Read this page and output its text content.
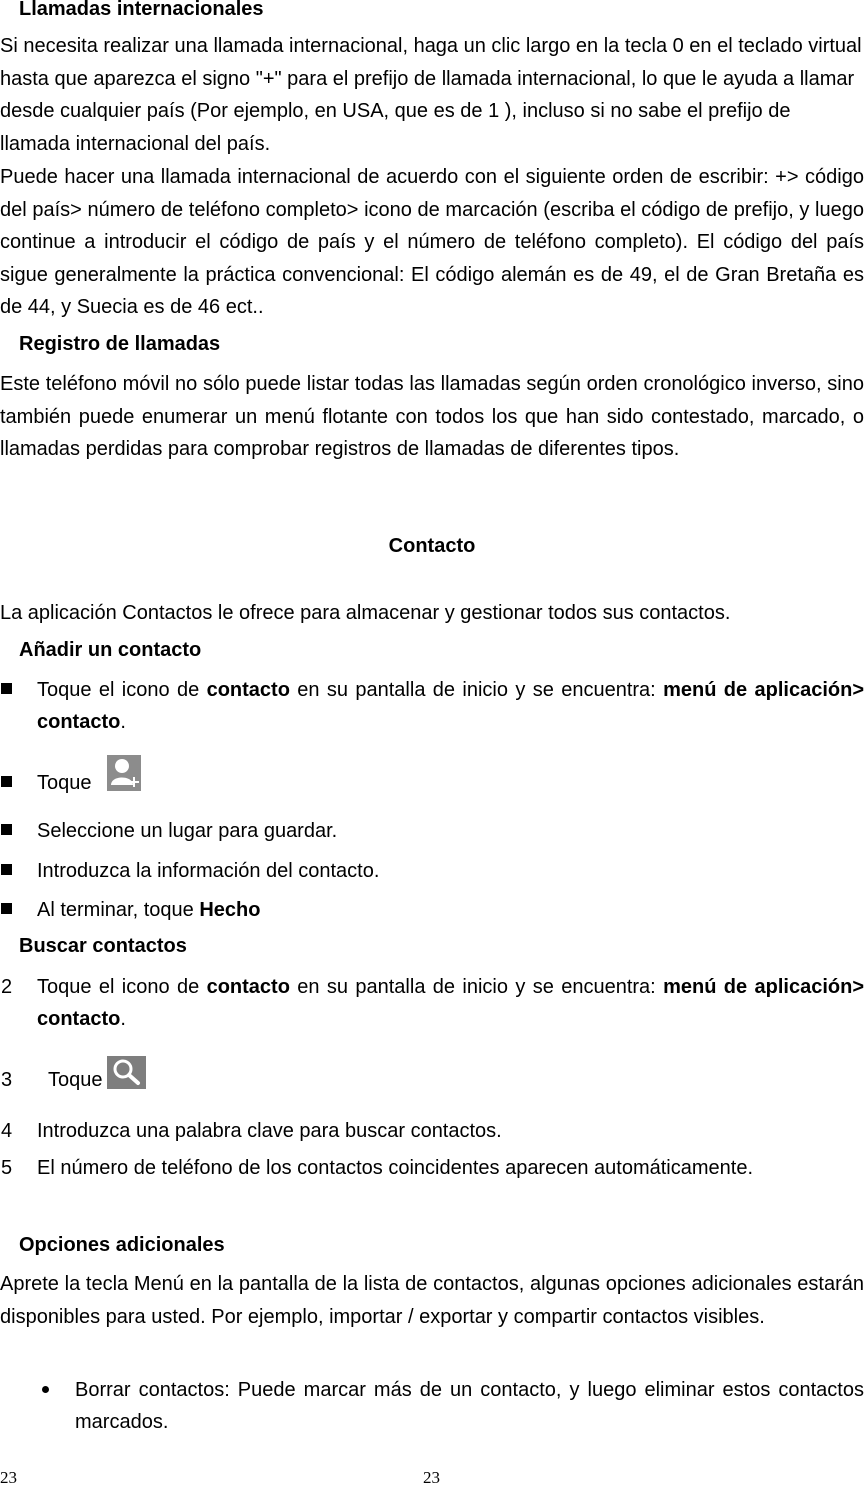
Llamadas internacionales
Si necesita realizar una llamada internacional, haga un clic largo en la tecla 0 en el teclado virtual hasta que aparezca el signo "+" para el prefijo de llamada internacional, lo que le ayuda a llamar desde cualquier país (Por ejemplo, en USA, que es de 1 ), incluso si no sabe el prefijo de llamada internacional del país.
Puede hacer una llamada internacional de acuerdo con el siguiente orden de escribir: +> código del país> número de teléfono completo> icono de marcación (escriba el código de prefijo, y luego continue a introducir el código de país y el número de teléfono completo). El código del país sigue generalmente la práctica convencional: El código alemán es de 49, el de Gran Bretaña es de 44, y Suecia es de 46 ect..
Registro de llamadas
Este teléfono móvil no sólo puede listar todas las llamadas según orden cronológico inverso, sino también puede enumerar un menú flotante con todos los que han sido contestado, marcado, o llamadas perdidas para comprobar registros de llamadas de diferentes tipos.
Contacto
La aplicación Contactos le ofrece para almacenar y gestionar todos sus contactos.
Añadir un contacto
Toque el icono de contacto en su pantalla de inicio y se encuentra: menú de aplicación> contacto.
Toque
Seleccione un lugar para guardar.
Introduzca la información del contacto.
Al terminar, toque Hecho
Buscar contactos
2 Toque el icono de contacto en su pantalla de inicio y se encuentra: menú de aplicación> contacto.
3 Toque
4 Introduzca una palabra clave para buscar contactos.
5 El número de teléfono de los contactos coincidentes aparecen automáticamente.
Opciones adicionales
Aprete la tecla Menú en la pantalla de la lista de contactos, algunas opciones adicionales estarán disponibles para usted. Por ejemplo, importar / exportar y compartir contactos visibles.
Borrar contactos: Puede marcar más de un contacto, y luego eliminar estos contactos marcados.
23	23
